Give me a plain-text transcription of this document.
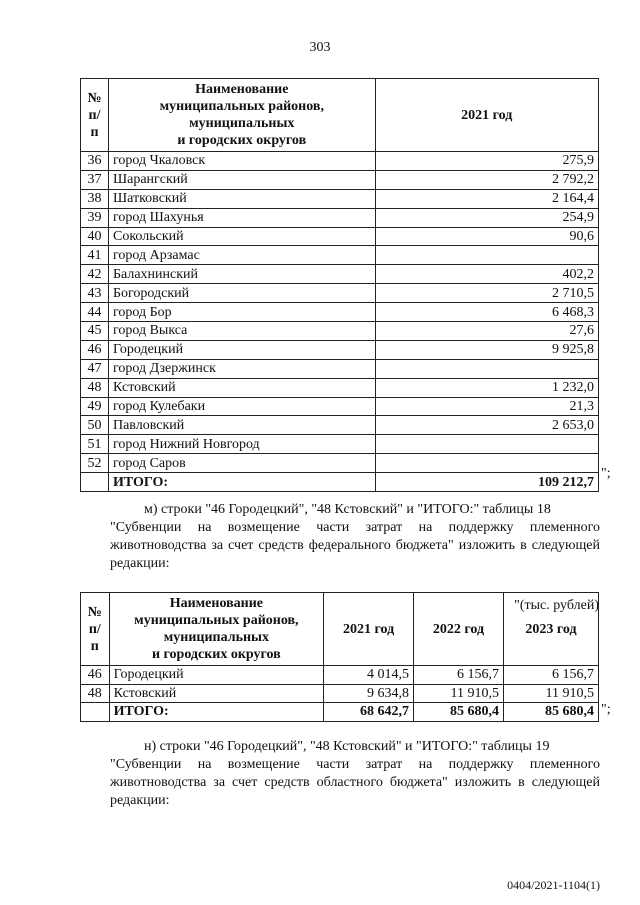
303
№ п/п	Наименование
муниципальных районов,
муниципальных
и городских округов	2021 год
36	город Чкаловск	275,9
37	Шарангский	2 792,2
38	Шатковский	2 164,4
39	город Шахунья	254,9
40	Сокольский	90,6
41	город Арзамас	
42	Балахнинский	402,2
43	Богородский	2 710,5
44	город Бор	6 468,3
45	город Выкса	27,6
46	Городецкий	9 925,8
47	город Дзержинск	
48	Кстовский	1 232,0
49	город Кулебаки	21,3
50	Павловский	2 653,0
51	город Нижний Новгород	
52	город Саров	
	ИТОГО:	109 212,7
";

м) строки "46 Городецкий", "48 Кстовский" и "ИТОГО:" таблицы 18
"Субвенции на возмещение части затрат на поддержку племенного животноводства за счет средств федерального бюджета" изложить в следующей редакции:

"(тыс. рублей)
№ п/п	Наименование
муниципальных районов,
муниципальных
и городских округов	2021 год	2022 год	2023 год
46	Городецкий	4 014,5	6 156,7	6 156,7
48	Кстовский	9 634,8	11 910,5	11 910,5
	ИТОГО:	68 642,7	85 680,4	85 680,4 ";

н) строки "46 Городецкий", "48 Кстовский" и "ИТОГО:" таблицы 19
"Субвенции на возмещение части затрат на поддержку племенного животноводства за счет средств областного бюджета" изложить в следующей редакции:

0404/2021-1104(1)
